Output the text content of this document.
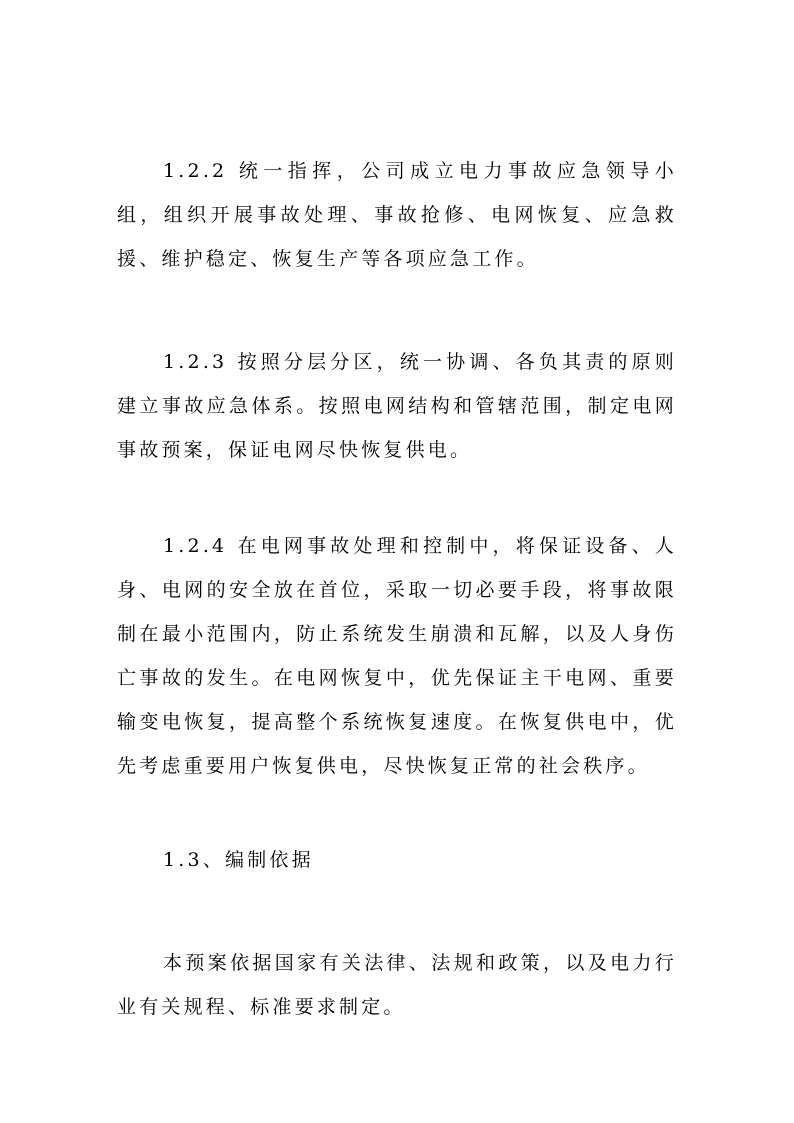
1.2.2 统一指挥，公司成立电力事故应急领导小组，组织开展事故处理、事故抢修、电网恢复、应急救援、维护稳定、恢复生产等各项应急工作。

1.2.3 按照分层分区，统一协调、各负其责的原则建立事故应急体系。按照电网结构和管辖范围，制定电网事故预案，保证电网尽快恢复供电。

1.2.4 在电网事故处理和控制中，将保证设备、人身、电网的安全放在首位，采取一切必要手段，将事故限制在最小范围内，防止系统发生崩溃和瓦解，以及人身伤亡事故的发生。在电网恢复中，优先保证主干电网、重要输变电恢复，提高整个系统恢复速度。在恢复供电中，优先考虑重要用户恢复供电，尽快恢复正常的社会秩序。

1.3、编制依据

本预案依据国家有关法律、法规和政策，以及电力行业有关规程、标准要求制定。
